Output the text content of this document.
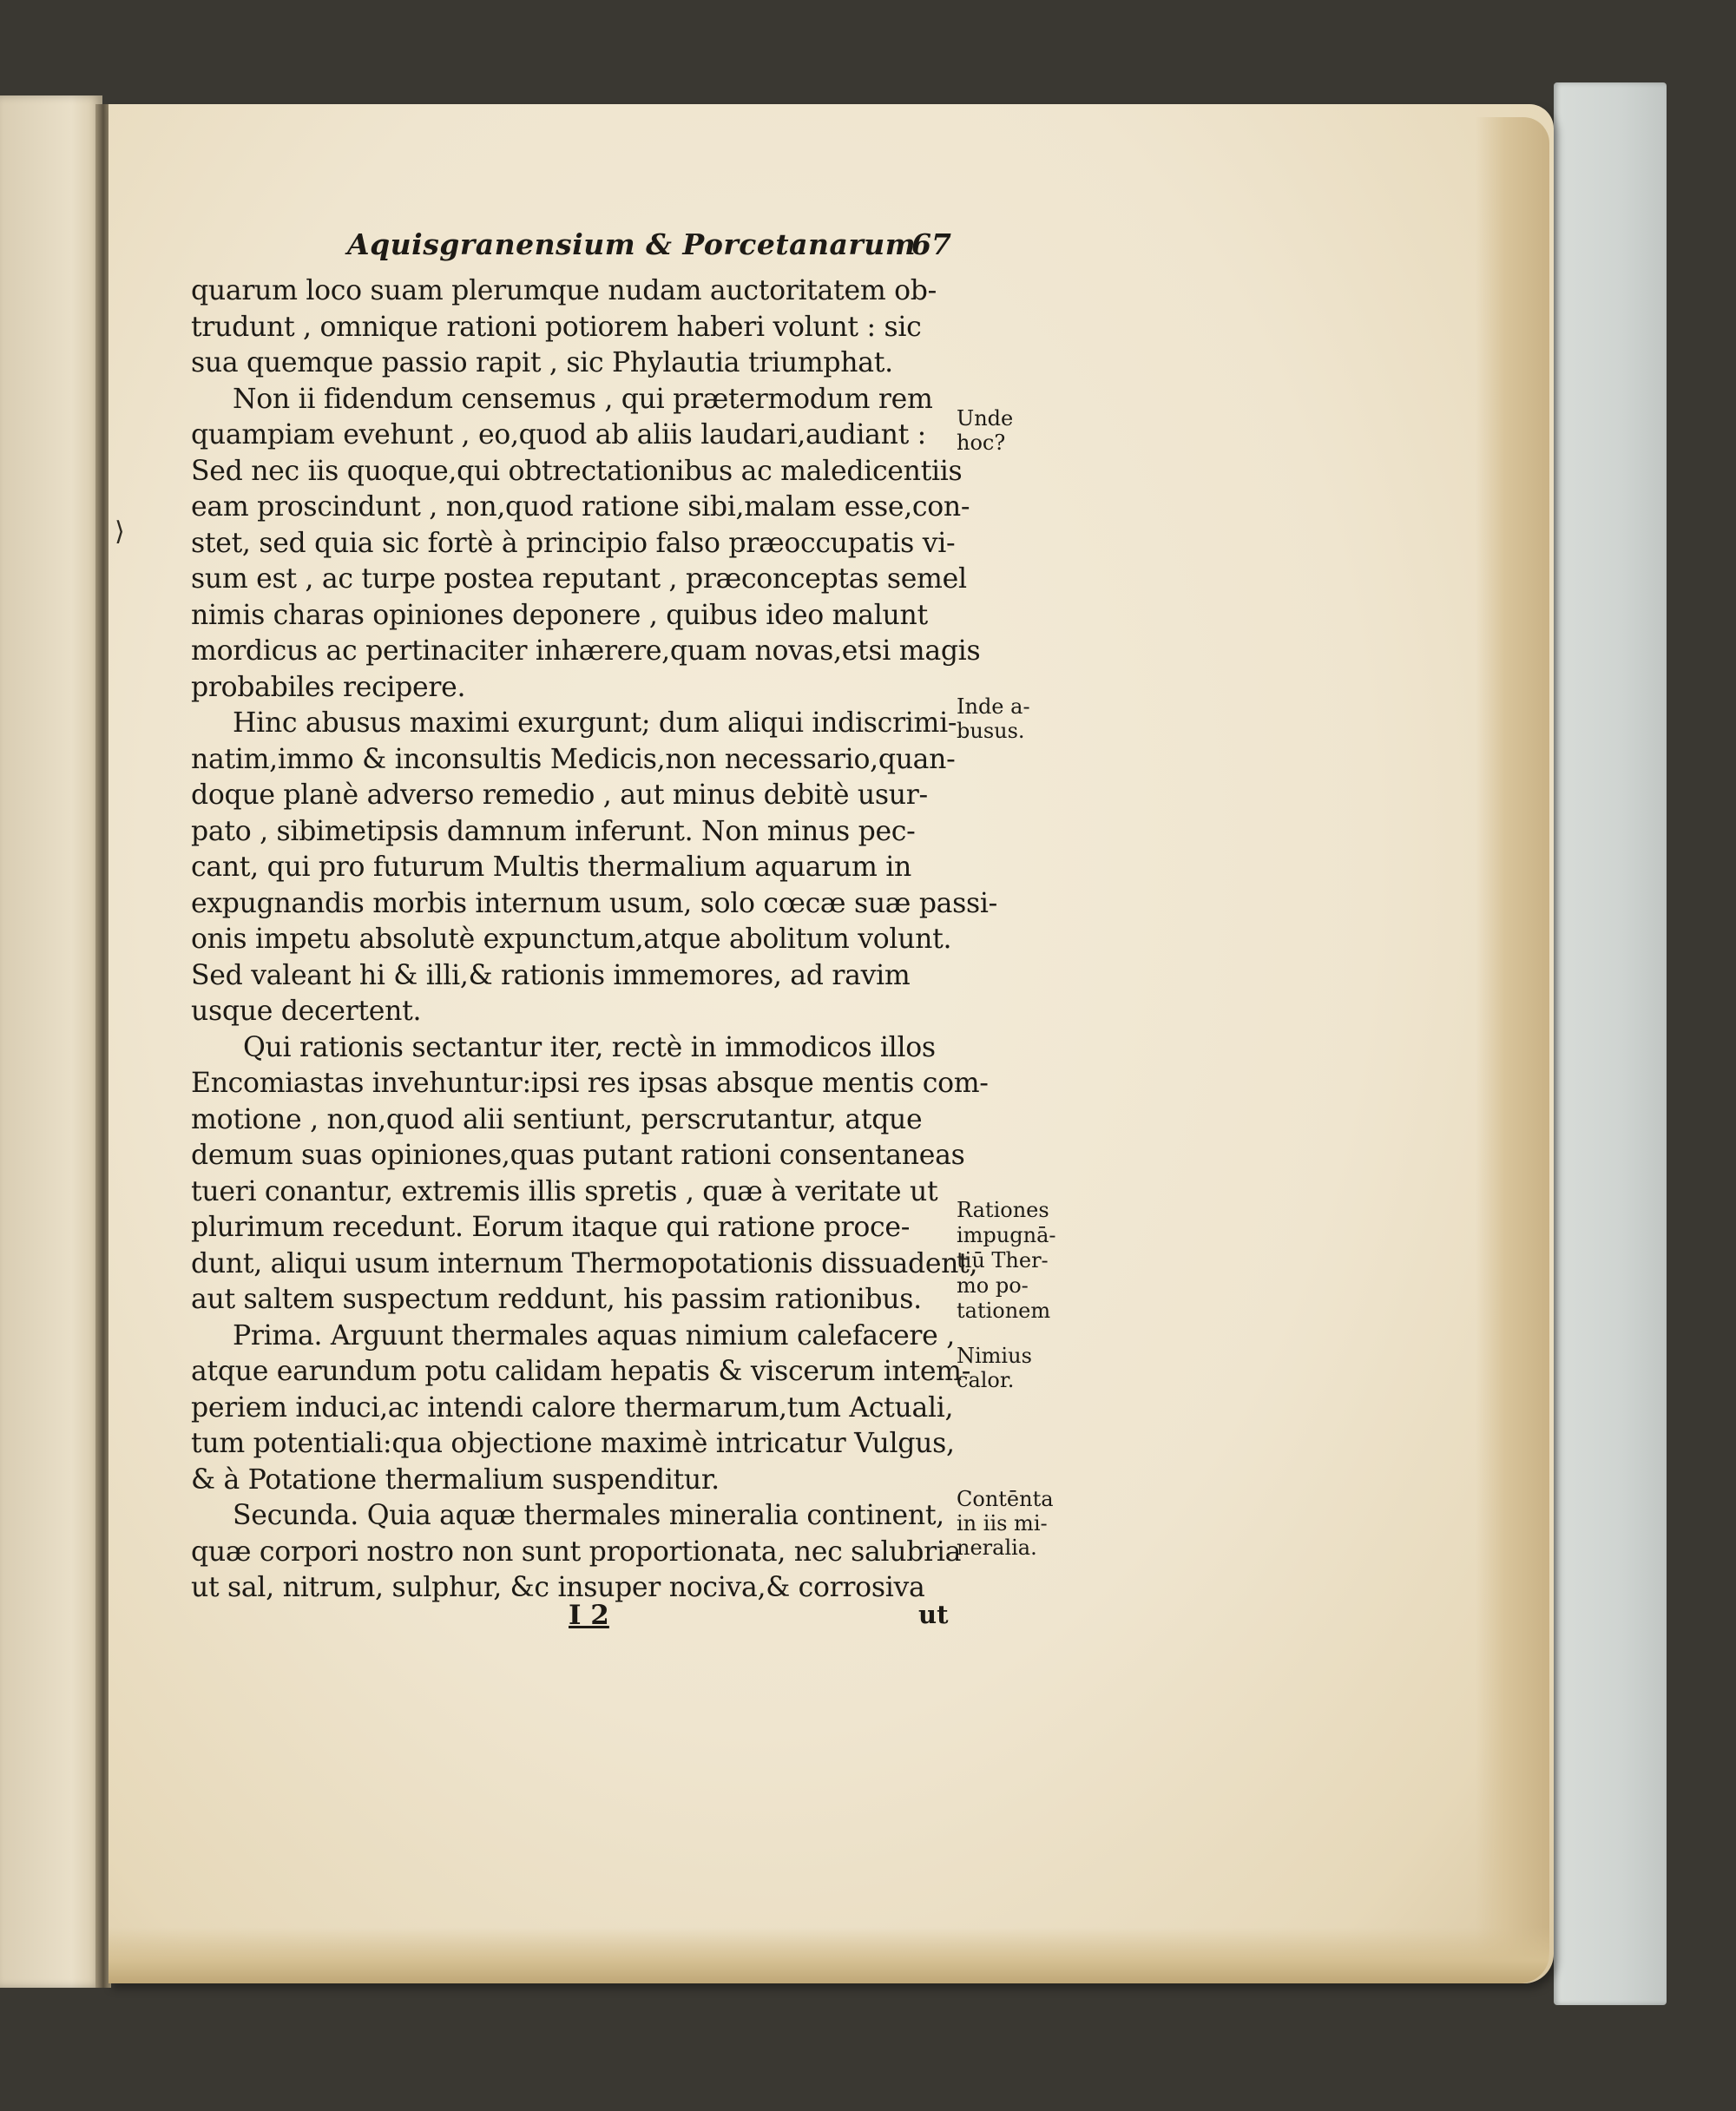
⟩
Aquisgranensium & Porcetanarum
67
quarum loco suam plerumque nudam auctoritatem ob-
trudunt , omnique rationi potiorem haberi volunt : sic
sua quemque passio rapit , sic Phylautia triumphat.
Non ii fidendum censemus , qui prætermodum rem
quampiam evehunt , eo,quod ab aliis laudari,audiant :
Sed nec iis quoque,qui obtrectationibus ac maledicentiis
eam proscindunt , non,quod ratione sibi,malam esse,con-
stet, sed quia sic fortè à principio falso præoccupatis vi-
sum est , ac turpe postea reputant , præconceptas semel
nimis charas opiniones deponere , quibus ideo malunt
mordicus ac pertinaciter inhærere,quam novas,etsi magis
probabiles recipere.
Hinc abusus maximi exurgunt; dum aliqui indiscrimi-
natim,immo & inconsultis Medicis,non necessario,quan-
doque planè adverso remedio , aut minus debitè usur-
pato , sibimetipsis damnum inferunt. Non minus pec-
cant, qui pro futurum Multis thermalium aquarum in
expugnandis morbis internum usum, solo cœcæ suæ passi-
onis impetu absolutè expunctum,atque abolitum volunt.
Sed valeant hi & illi,& rationis immemores, ad ravim
usque decertent.
Qui rationis sectantur iter, rectè in immodicos illos
Encomiastas invehuntur:ipsi res ipsas absque mentis com-
motione , non,quod alii sentiunt, perscrutantur, atque
demum suas opiniones,quas putant rationi consentaneas
tueri conantur, extremis illis spretis , quæ à veritate ut
plurimum recedunt. Eorum itaque qui ratione proce-
dunt, aliqui usum internum Thermopotationis dissuadent,
aut saltem suspectum reddunt, his passim rationibus.
Prima. Arguunt thermales aquas nimium calefacere ,
atque earundum potu calidam hepatis & viscerum intem-
periem induci,ac intendi calore thermarum,tum Actuali,
tum potentiali:qua objectione maximè intricatur Vulgus,
& à Potatione thermalium suspenditur.
Secunda. Quia aquæ thermales mineralia continent,
quæ corpori nostro non sunt proportionata, nec salubria
ut sal, nitrum, sulphur, &c insuper nociva,& corrosiva
Unde
hoc?
Inde a-
busus.
Rationes
impugnā-
tiū Ther-
mo po-
tationem
Nimius
calor.
Contēnta
in iis mi-
neralia.
I 2	ut
